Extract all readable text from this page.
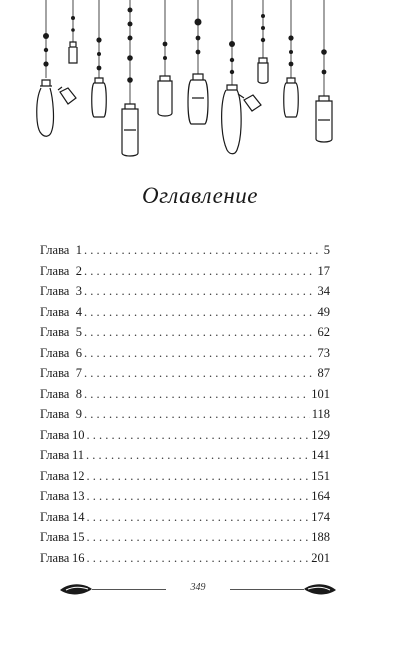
Оглавление
Глава 1 . . .	5
Глава 2 . . .	17
Глава 3 . . .	34
Глава 4 . . .	49
Глава 5 . . .	62
Глава 6 . . .	73
Глава 7 . . .	87
Глава 8 . . .	101
Глава 9 . . .	118
Глава 10 . . .	129
Глава 11 . . .	141
Глава 12 . . .	151
Глава 13 . . .	164
Глава 14 . . .	174
Глава 15 . . .	188
Глава 16 . . .	201
349
